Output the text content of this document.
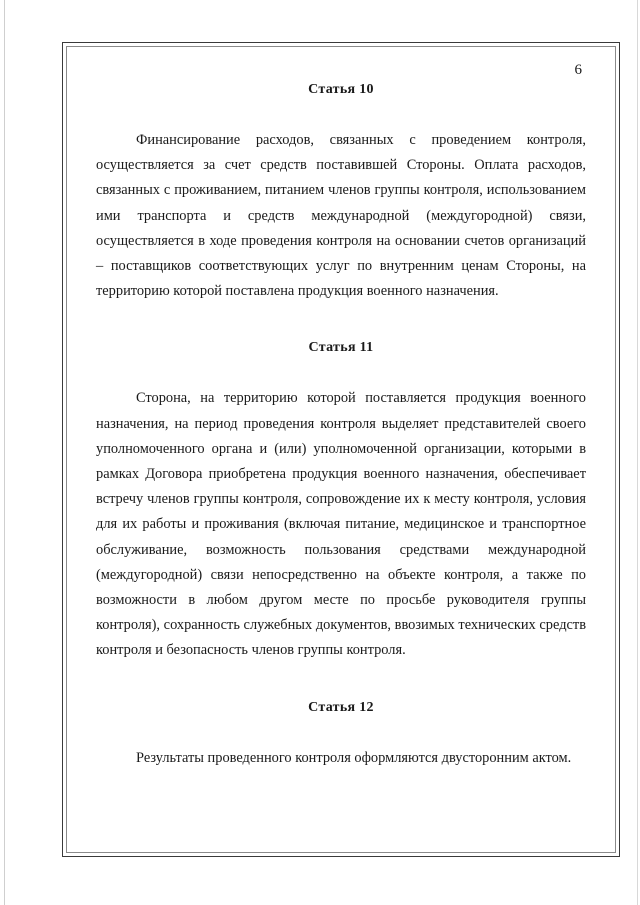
6
Статья 10

Финансирование расходов, связанных с проведением контроля, осуществляется за счет средств поставившей Стороны. Оплата расходов, связанных с проживанием, питанием членов группы контроля, использованием ими транспорта и средств международной (междугородной) связи, осуществляется в ходе проведения контроля на основании счетов организаций – поставщиков соответствующих услуг по внутренним ценам Стороны, на территорию которой поставлена продукция военного назначения.

Статья 11

Сторона, на территорию которой поставляется продукция военного назначения, на период проведения контроля выделяет представителей своего уполномоченного органа и (или) уполномоченной организации, которыми в рамках Договора приобретена продукция военного назначения, обеспечивает встречу членов группы контроля, сопровождение их к месту контроля, условия для их работы и проживания (включая питание, медицинское и транспортное обслуживание, возможность пользования средствами международной (междугородной) связи непосредственно на объекте контроля, а также по возможности в любом другом месте по просьбе руководителя группы контроля), сохранность служебных документов, ввозимых технических средств контроля и безопасность членов группы контроля.

Статья 12

Результаты проведенного контроля оформляются двусторонним актом.
